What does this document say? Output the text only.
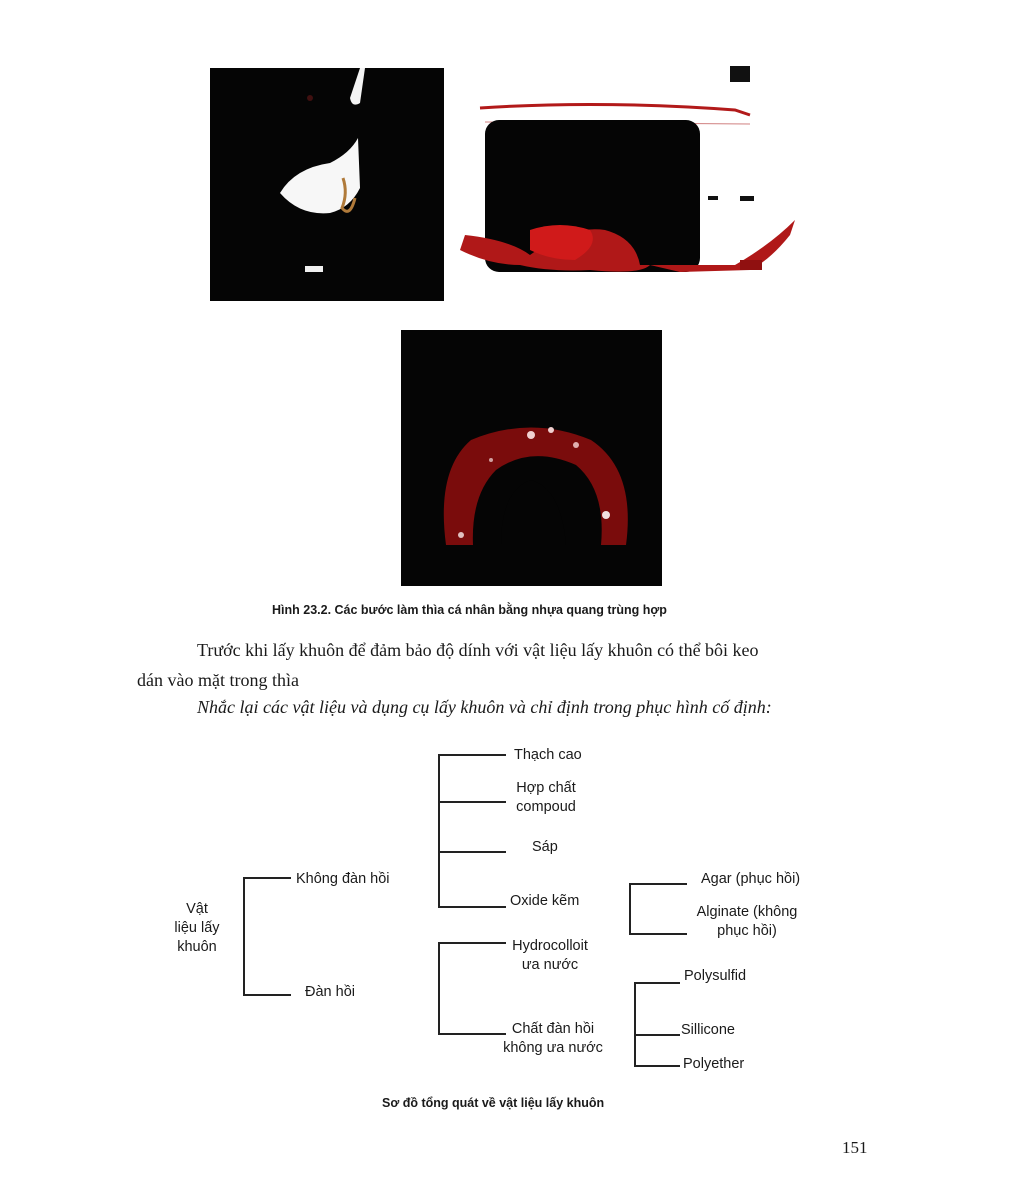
Hình 23.2. Các bước làm thìa cá nhân bằng nhựa quang trùng hợp
Trước khi lấy khuôn để đảm bảo độ dính với vật liệu lấy khuôn có thể bôi keo
dán vào mặt trong thìa
Nhắc lại các vật liệu và dụng cụ lấy khuôn và chỉ định trong phục hình cố định:
Vật
liệu lấy
khuôn
Không đàn hồi
Đàn hồi
Thạch cao
Hợp chất
compoud
Sáp
Oxide kẽm
Hydrocolloit
ưa nước
Chất đàn hồi
không ưa nước
Agar (phục hồi)
Alginate (không
phục hồi)
Polysulfid
Sillicone
Polyether
Sơ đồ tổng quát về vật liệu lấy khuôn
151
